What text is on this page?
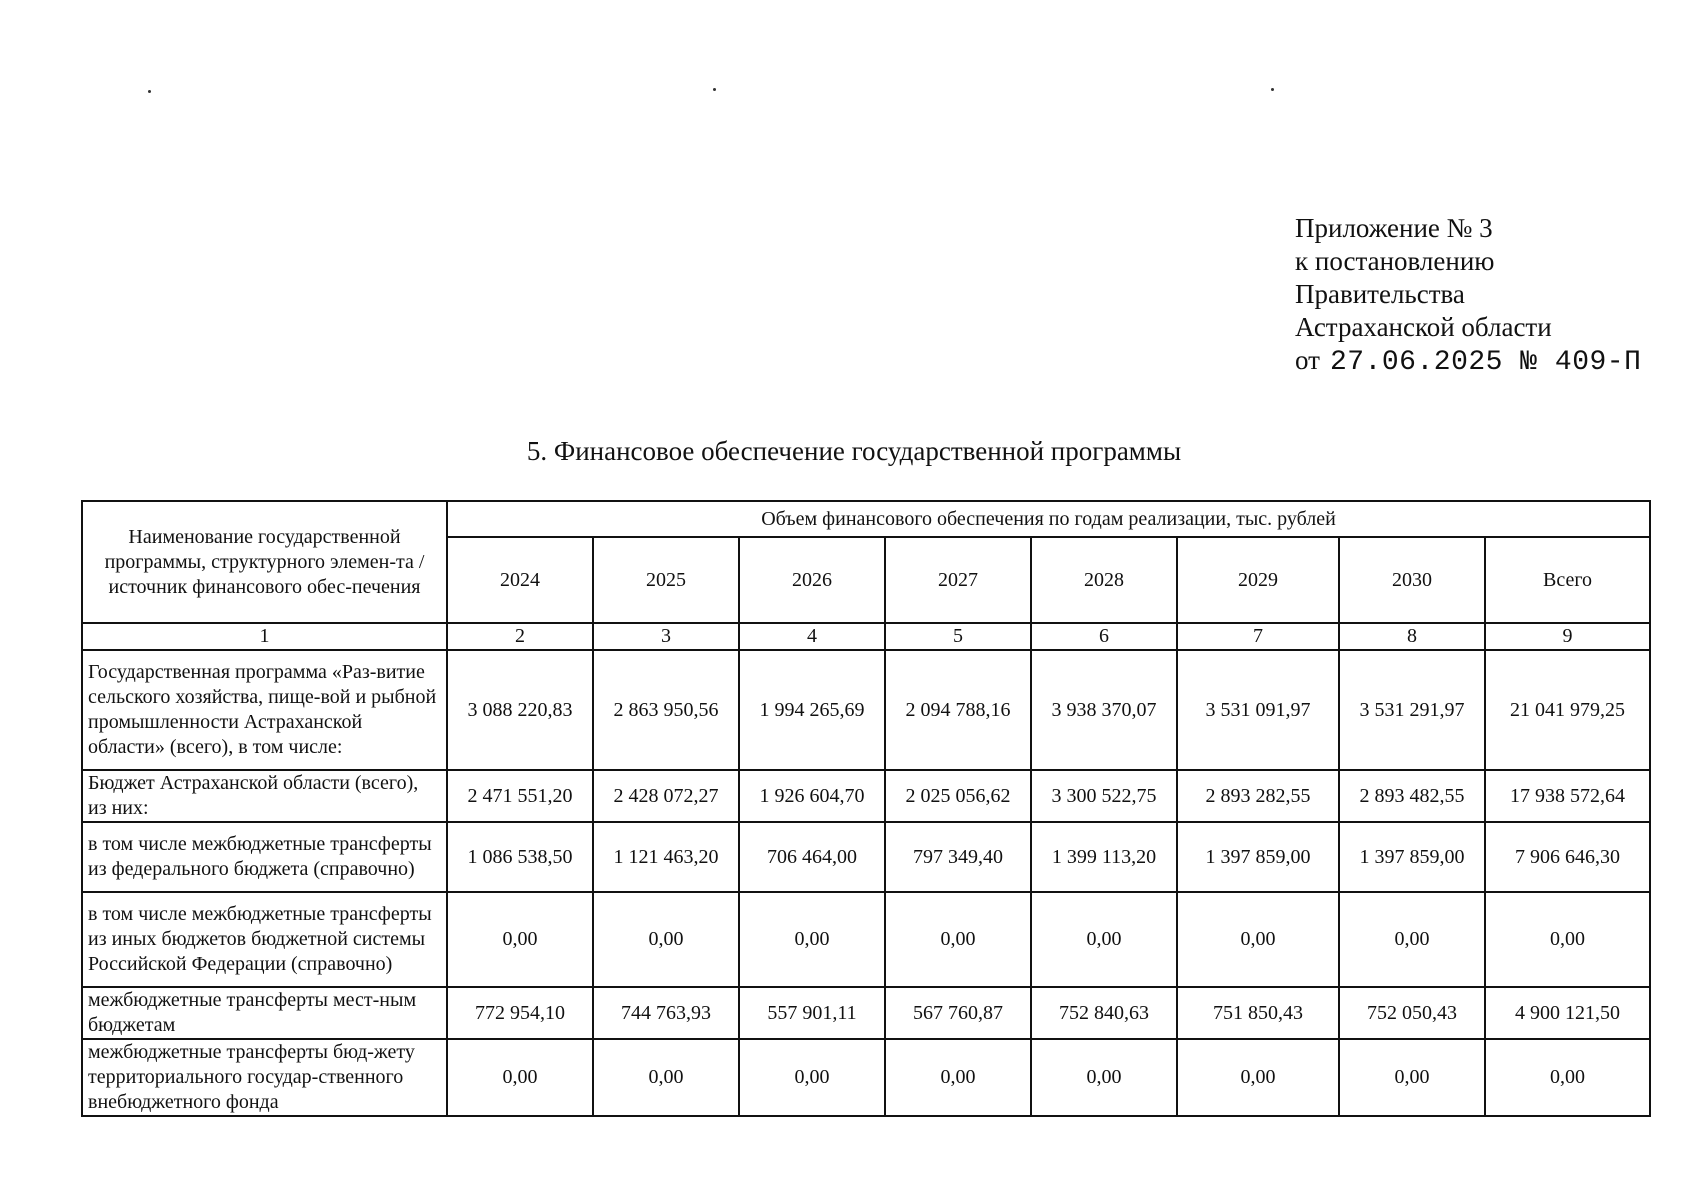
Приложение № 3
к постановлению
Правительства
Астраханской области
от 27.06.2025 № 409-П
5. Финансовое обеспечение государственной программы
Наименование государственной программы, структурного элемен-та / источник финансового обес-печения	Объем финансового обеспечения по годам реализации, тыс. рублей							
	2024	2025	2026	2027	2028	2029	2030	Всего
1	2	3	4	5	6	7	8	9
Государственная программа «Раз-витие сельского хозяйства, пище-вой и рыбной промышленности Астраханской области» (всего), в том числе:	3 088 220,83	2 863 950,56	1 994 265,69	2 094 788,16	3 938 370,07	3 531 091,97	3 531 291,97	21 041 979,25
Бюджет Астраханской области (всего), из них:	2 471 551,20	2 428 072,27	1 926 604,70	2 025 056,62	3 300 522,75	2 893 282,55	2 893 482,55	17 938 572,64
в том числе межбюджетные трансферты из федерального бюджета (справочно)	1 086 538,50	1 121 463,20	706 464,00	797 349,40	1 399 113,20	1 397 859,00	1 397 859,00	7 906 646,30
в том числе межбюджетные трансферты из иных бюджетов бюджетной системы Российской Федерации (справочно)	0,00	0,00	0,00	0,00	0,00	0,00	0,00	0,00
межбюджетные трансферты мест-ным бюджетам	772 954,10	744 763,93	557 901,11	567 760,87	752 840,63	751 850,43	752 050,43	4 900 121,50
межбюджетные трансферты бюд-жету территориального государ-ственного внебюджетного фонда	0,00	0,00	0,00	0,00	0,00	0,00	0,00	0,00
